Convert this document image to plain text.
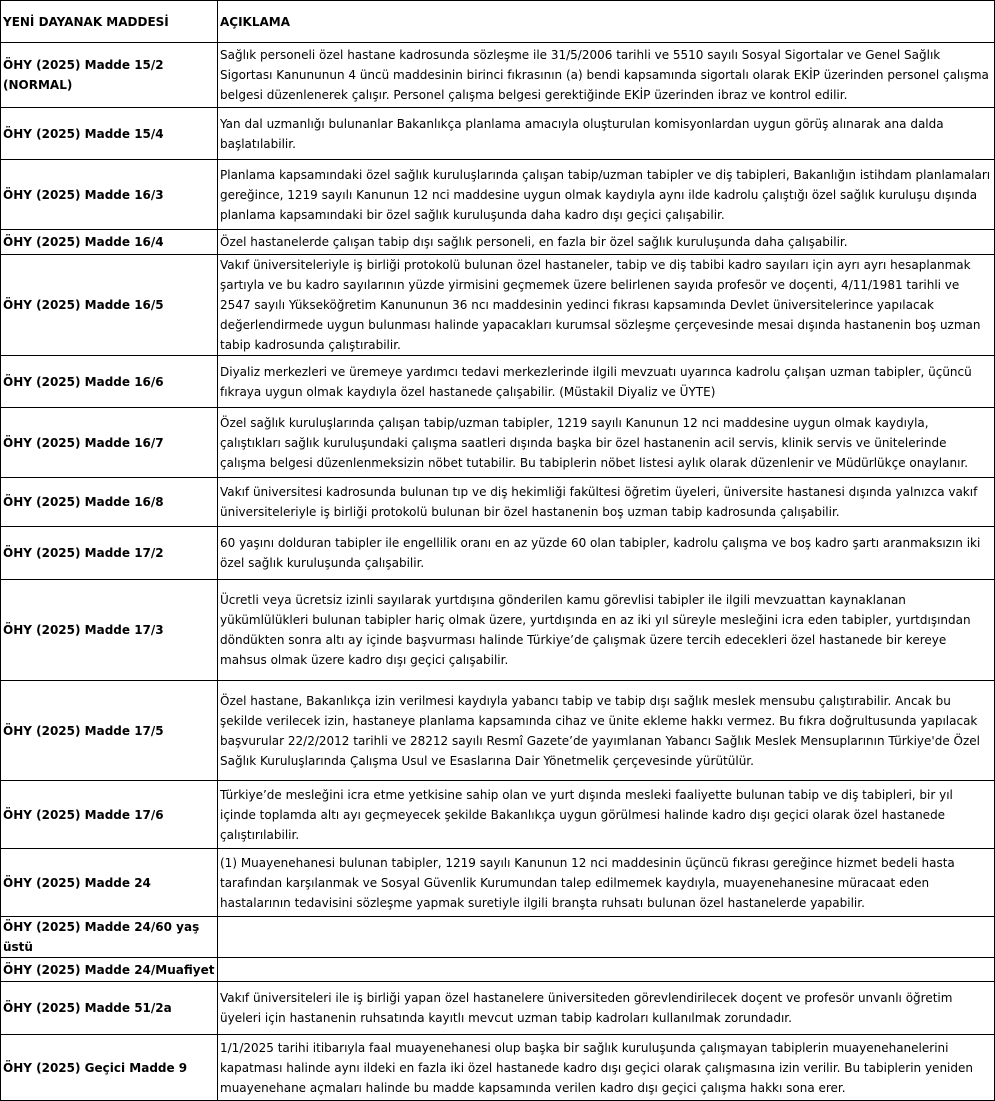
YENİ DAYANAK MADDESİ	AÇIKLAMA
ÖHY (2025) Madde 15/2 (NORMAL)	Sağlık personeli özel hastane kadrosunda sözleşme ile 31/5/2006 tarihli ve 5510 sayılı Sosyal Sigortalar ve Genel Sağlık Sigortası Kanununun 4 üncü maddesinin birinci fıkrasının (a) bendi kapsamında sigortalı olarak EKİP üzerinden personel çalışma belgesi düzenlenerek çalışır. Personel çalışma belgesi gerektiğinde EKİP üzerinden ibraz ve kontrol edilir.
ÖHY (2025) Madde 15/4	Yan dal uzmanlığı bulunanlar Bakanlıkça planlama amacıyla oluşturulan komisyonlardan uygun görüş alınarak ana dalda başlatılabilir.
ÖHY (2025) Madde 16/3	Planlama kapsamındaki özel sağlık kuruluşlarında çalışan tabip/uzman tabipler ve diş tabipleri, Bakanlığın istihdam planlamaları gereğince, 1219 sayılı Kanunun 12 nci maddesine uygun olmak kaydıyla aynı ilde kadrolu çalıştığı özel sağlık kuruluşu dışında planlama kapsamındaki bir özel sağlık kuruluşunda daha kadro dışı geçici çalışabilir.
ÖHY (2025) Madde 16/4	Özel hastanelerde çalışan tabip dışı sağlık personeli, en fazla bir özel sağlık kuruluşunda daha çalışabilir.
ÖHY (2025) Madde 16/5	Vakıf üniversiteleriyle iş birliği protokolü bulunan özel hastaneler, tabip ve diş tabibi kadro sayıları için ayrı ayrı hesaplanmak şartıyla ve bu kadro sayılarının yüzde yirmisini geçmemek üzere belirlenen sayıda profesör ve doçenti, 4/11/1981 tarihli ve 2547 sayılı Yükseköğretim Kanununun 36 ncı maddesinin yedinci fıkrası kapsamında Devlet üniversitelerince yapılacak değerlendirmede uygun bulunması halinde yapacakları kurumsal sözleşme çerçevesinde mesai dışında hastanenin boş uzman tabip kadrosunda çalıştırabilir.
ÖHY (2025) Madde 16/6	Diyaliz merkezleri ve üremeye yardımcı tedavi merkezlerinde ilgili mevzuatı uyarınca kadrolu çalışan uzman tabipler, üçüncü fıkraya uygun olmak kaydıyla özel hastanede çalışabilir. (Müstakil Diyaliz ve ÜYTE)
ÖHY (2025) Madde 16/7	Özel sağlık kuruluşlarında çalışan tabip/uzman tabipler, 1219 sayılı Kanunun 12 nci maddesine uygun olmak kaydıyla, çalıştıkları sağlık kuruluşundaki çalışma saatleri dışında başka bir özel hastanenin acil servis, klinik servis ve ünitelerinde çalışma belgesi düzenlenmeksizin nöbet tutabilir. Bu tabiplerin nöbet listesi aylık olarak düzenlenir ve Müdürlükçe onaylanır.
ÖHY (2025) Madde 16/8	Vakıf üniversitesi kadrosunda bulunan tıp ve diş hekimliği fakültesi öğretim üyeleri, üniversite hastanesi dışında yalnızca vakıf üniversiteleriyle iş birliği protokolü bulunan bir özel hastanenin boş uzman tabip kadrosunda çalışabilir.
ÖHY (2025) Madde 17/2	60 yaşını dolduran tabipler ile engellilik oranı en az yüzde 60 olan tabipler, kadrolu çalışma ve boş kadro şartı aranmaksızın iki özel sağlık kuruluşunda çalışabilir.
ÖHY (2025) Madde 17/3	Ücretli veya ücretsiz izinli sayılarak yurtdışına gönderilen kamu görevlisi tabipler ile ilgili mevzuattan kaynaklanan yükümlülükleri bulunan tabipler hariç olmak üzere, yurtdışında en az iki yıl süreyle mesleğini icra eden tabipler, yurtdışından döndükten sonra altı ay içinde başvurması halinde Türkiye’de çalışmak üzere tercih edecekleri özel hastanede bir kereye mahsus olmak üzere kadro dışı geçici çalışabilir.
ÖHY (2025) Madde 17/5	Özel hastane, Bakanlıkça izin verilmesi kaydıyla yabancı tabip ve tabip dışı sağlık meslek mensubu çalıştırabilir. Ancak bu şekilde verilecek izin, hastaneye planlama kapsamında cihaz ve ünite ekleme hakkı vermez. Bu fıkra doğrultusunda yapılacak başvurular 22/2/2012 tarihli ve 28212 sayılı Resmî Gazete’de yayımlanan Yabancı Sağlık Meslek Mensuplarının Türkiye'de Özel Sağlık Kuruluşlarında Çalışma Usul ve Esaslarına Dair Yönetmelik çerçevesinde yürütülür.
ÖHY (2025) Madde 17/6	Türkiye’de mesleğini icra etme yetkisine sahip olan ve yurt dışında mesleki faaliyette bulunan tabip ve diş tabipleri, bir yıl içinde toplamda altı ayı geçmeyecek şekilde Bakanlıkça uygun görülmesi halinde kadro dışı geçici olarak özel hastanede çalıştırılabilir.
ÖHY (2025) Madde 24	(1) Muayenehanesi bulunan tabipler, 1219 sayılı Kanunun 12 nci maddesinin üçüncü fıkrası gereğince hizmet bedeli hasta tarafından karşılanmak ve Sosyal Güvenlik Kurumundan talep edilmemek kaydıyla, muayenehanesine müracaat eden hastalarının tedavisini sözleşme yapmak suretiyle ilgili branşta ruhsatı bulunan özel hastanelerde yapabilir.
ÖHY (2025) Madde 24/60 yaş üstü	
ÖHY (2025) Madde 24/Muafiyet	
ÖHY (2025) Madde 51/2a	Vakıf üniversiteleri ile iş birliği yapan özel hastanelere üniversiteden görevlendirilecek doçent ve profesör unvanlı öğretim üyeleri için hastanenin ruhsatında kayıtlı mevcut uzman tabip kadroları kullanılmak zorundadır.
ÖHY (2025) Geçici Madde 9	1/1/2025 tarihi itibarıyla faal muayenehanesi olup başka bir sağlık kuruluşunda çalışmayan tabiplerin muayenehanelerini kapatması halinde aynı ildeki en fazla iki özel hastanede kadro dışı geçici olarak çalışmasına izin verilir. Bu tabiplerin yeniden muayenehane açmaları halinde bu madde kapsamında verilen kadro dışı geçici çalışma hakkı sona erer.
